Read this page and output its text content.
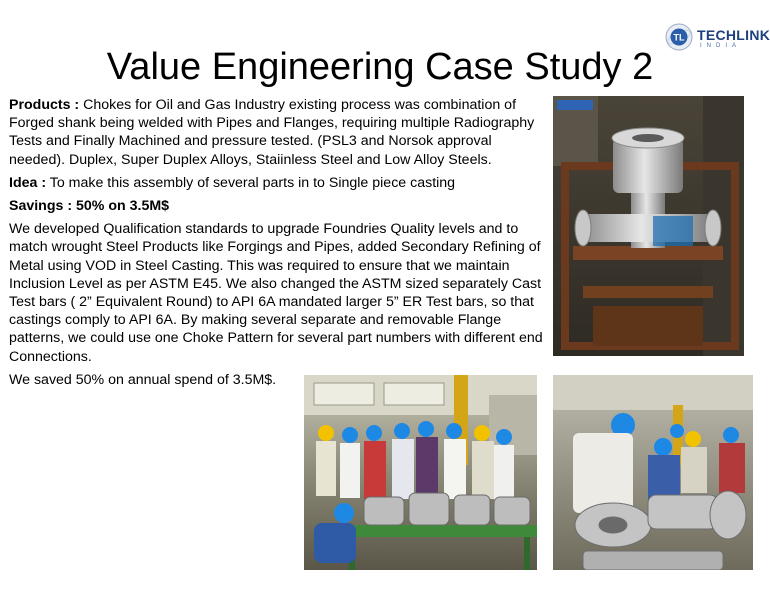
TL TECHLINK
INDIA
Value Engineering Case Study 2

Products : Chokes for Oil and Gas Industry existing process was combination of Forged shank being welded with Pipes and Flanges, requiring multiple Radiography Tests and Finally Machined and pressure tested. (PSL3 and Norsok approval needed). Duplex, Super Duplex Alloys, Staiinless Steel and Low Alloy Steels.

Idea : To make this assembly of several parts in to Single piece casting

Savings : 50% on 3.5M$

We developed Qualification standards to upgrade Foundries Quality levels and to match wrought Steel Products like Forgings and Pipes, added Secondary Refining of Metal using VOD in Steel Casting. This was required to ensure that we maintain Inclusion Level as per ASTM E45. We also changed the ASTM sized separately Cast Test bars ( 2” Equivalent Round) to API 6A mandated larger 5” ER Test bars, so that castings comply to API 6A. By making several separate and removable Flange patterns, we could use one Choke Pattern for several part numbers with different end Connections.

We saved 50% on annual spend of 3.5M$.
